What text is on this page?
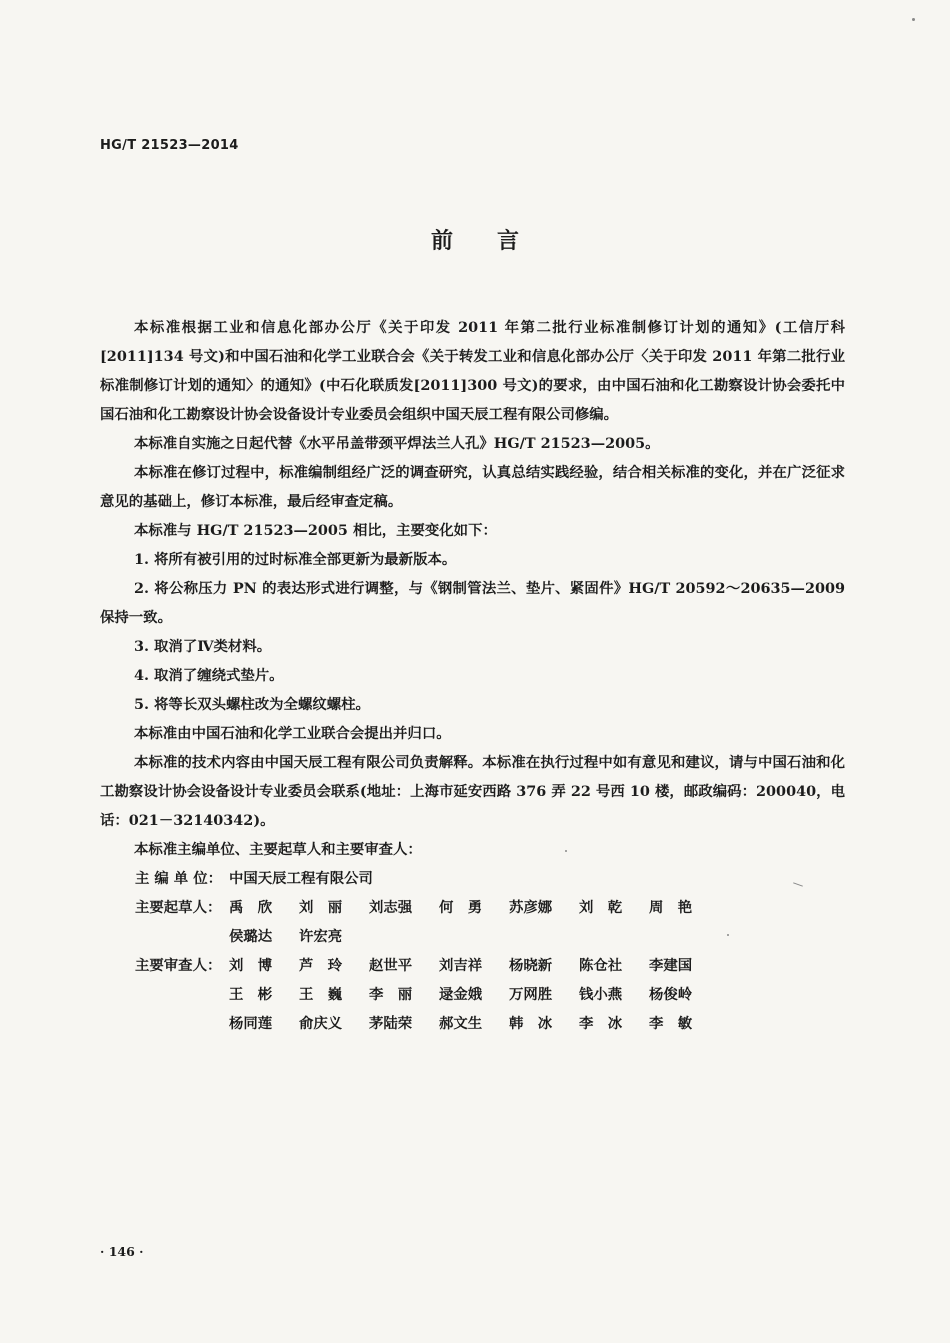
HG/T 21523—2014
前言

本标准根据工业和信息化部办公厅《关于印发 2011 年第二批行业标准制修订计划的通知》(工信厅科[2011]134 号文)和中国石油和化学工业联合会《关于转发工业和信息化部办公厅〈关于印发 2011 年第二批行业标准制修订计划的通知〉的通知》(中石化联质发[2011]300 号文)的要求，由中国石油和化工勘察设计协会委托中国石油和化工勘察设计协会设备设计专业委员会组织中国天辰工程有限公司修编。

本标准自实施之日起代替《水平吊盖带颈平焊法兰人孔》HG/T 21523—2005。

本标准在修订过程中，标准编制组经广泛的调查研究，认真总结实践经验，结合相关标准的变化，并在广泛征求意见的基础上，修订本标准，最后经审查定稿。

本标准与 HG/T 21523—2005 相比，主要变化如下：

1. 将所有被引用的过时标准全部更新为最新版本。

2. 将公称压力 PN 的表达形式进行调整，与《钢制管法兰、垫片、紧固件》HG/T 20592～20635—2009 保持一致。

3. 取消了Ⅳ类材料。

4. 取消了缠绕式垫片。

5. 将等长双头螺柱改为全螺纹螺柱。

本标准由中国石油和化学工业联合会提出并归口。

本标准的技术内容由中国天辰工程有限公司负责解释。本标准在执行过程中如有意见和建议，请与中国石油和化工勘察设计协会设备设计专业委员会联系(地址：上海市延安西路 376 弄 22 号西 10 楼，邮政编码：200040，电话：021－32140342)。

本标准主编单位、主要起草人和主要审查人：

主 编 单 位： 中国天辰工程有限公司
主要起草人： 禹　欣 刘　丽 刘志强 何　勇 苏彦娜 刘　乾 周　艳
侯璐达 许宏亮
主要审查人： 刘　博 芦　玲 赵世平 刘吉祥 杨晓新 陈仓社 李建国
王　彬 王　巍 李　丽 逯金娥 万网胜 钱小燕 杨俊岭
杨同莲 俞庆义 茅陆荣 郝文生 韩　冰 李　冰 李　敏
· 146 ·
